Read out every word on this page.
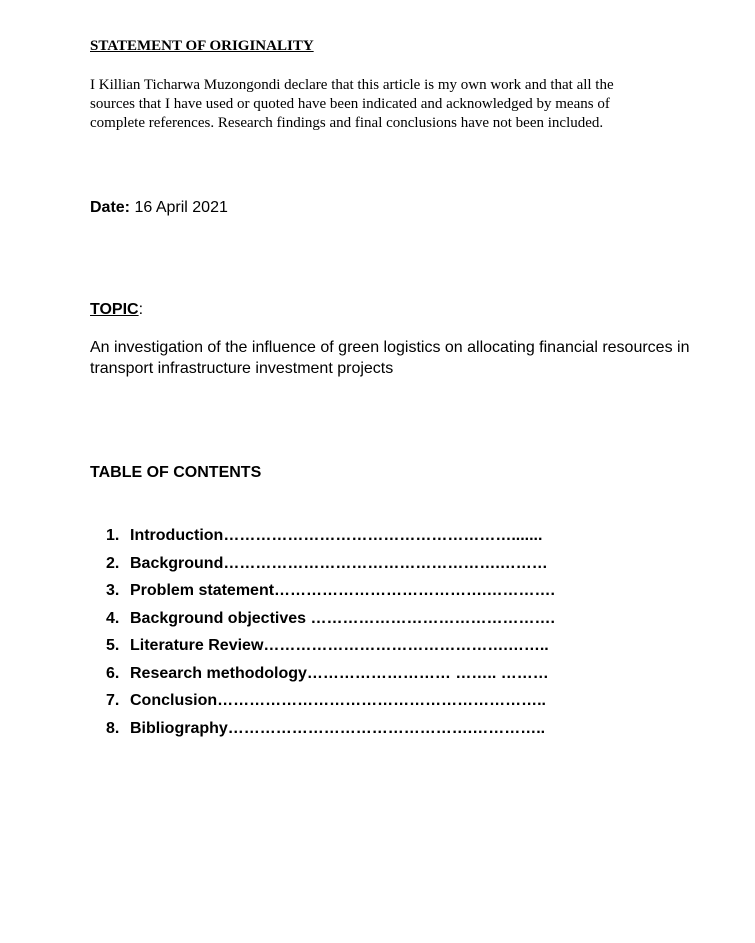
STATEMENT OF ORIGINALITY
I Killian Ticharwa Muzongondi declare that this article is my own work and that all the
sources that I have used or quoted have been indicated and acknowledged by means of
complete references. Research findings and final conclusions have not been included.
Date: 16 April 2021
TOPIC:
An investigation of the influence of green logistics on allocating financial resources in
transport infrastructure investment projects
TABLE OF CONTENTS
1. Introduction……………………………………………….......
2. Background…………………………………………….………
3. Problem statement………………………………….………….
4. Background objectives ……………………………………….
5. Literature Review……………………………………….……..
6. Research methodology……………………… …….. ………
7. Conclusion……………………………………………………..
8. Bibliography……………………………………….…………..
